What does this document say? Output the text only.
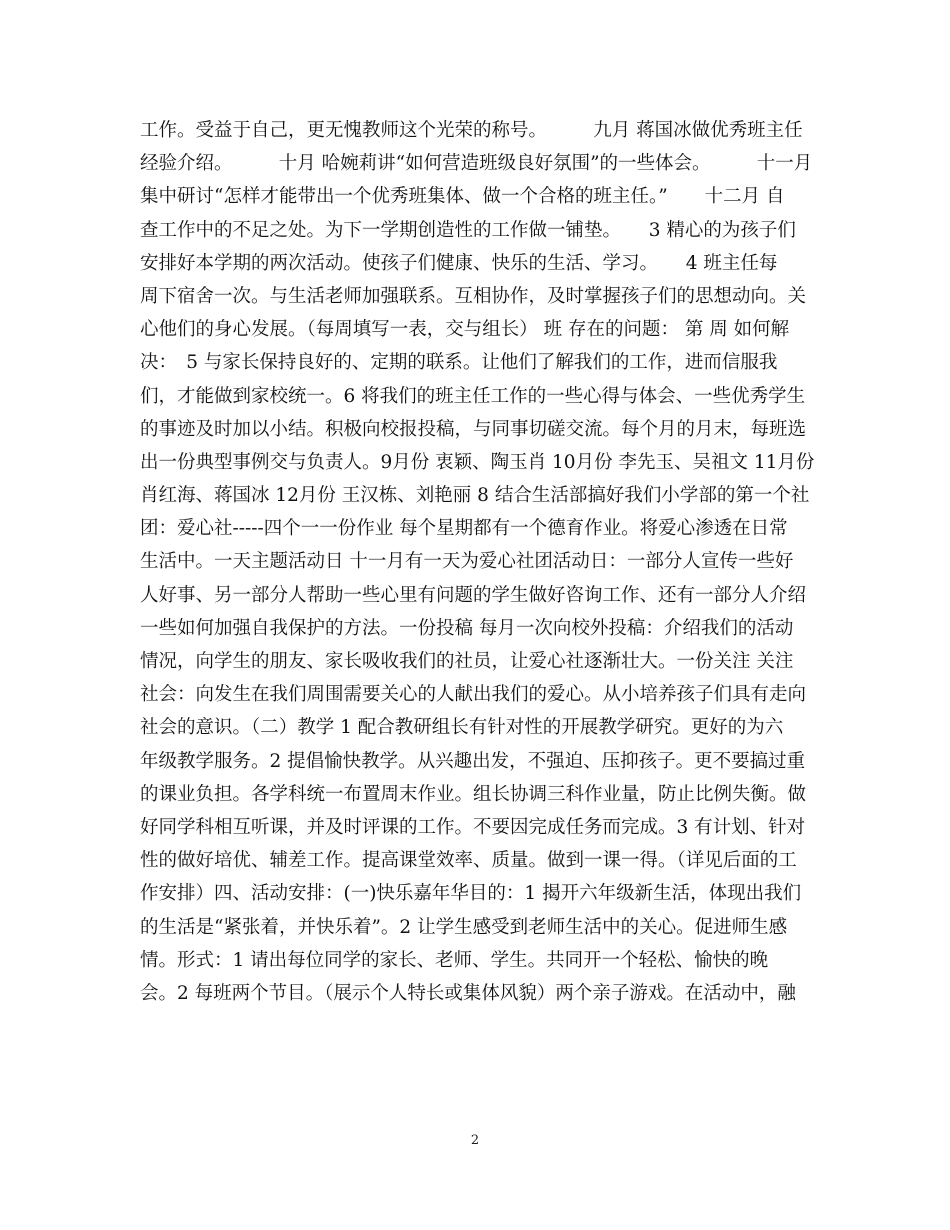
工作。受益于自己，更无愧教师这个光荣的称号。　　　九月 蒋国冰做优秀班主任
经验介绍。　　　十月 哈婉莉讲“如何营造班级良好氛围”的一些体会。　　　十一月
集中研讨“怎样才能带出一个优秀班集体、做一个合格的班主任。”　　十二月 自
查工作中的不足之处。为下一学期创造性的工作做一铺垫。　　3 精心的为孩子们
安排好本学期的两次活动。使孩子们健康、快乐的生活、学习。　　4 班主任每
周下宿舍一次。与生活老师加强联系。互相协作，及时掌握孩子们的思想动向。关
心他们的身心发展。（每周填写一表，交与组长） 班 存在的问题： 第 周 如何解
决：　5 与家长保持良好的、定期的联系。让他们了解我们的工作，进而信服我
们，才能做到家校统一。6 将我们的班主任工作的一些心得与体会、一些优秀学生
的事迹及时加以小结。积极向校报投稿，与同事切磋交流。每个月的月末，每班选
出一份典型事例交与负责人。9月份 衷颖、陶玉肖 10月份 李先玉、吴祖文 11月份
肖红海、蒋国冰 12月份 王汉栋、刘艳丽 8 结合生活部搞好我们小学部的第一个社
团：爱心社-----四个一一份作业 每个星期都有一个德育作业。将爱心渗透在日常
生活中。一天主题活动日 十一月有一天为爱心社团活动日：一部分人宣传一些好
人好事、另一部分人帮助一些心里有问题的学生做好咨询工作、还有一部分人介绍
一些如何加强自我保护的方法。一份投稿 每月一次向校外投稿：介绍我们的活动
情况，向学生的朋友、家长吸收我们的社员，让爱心社逐渐壮大。一份关注 关注
社会：向发生在我们周围需要关心的人献出我们的爱心。从小培养孩子们具有走向
社会的意识。（二）教学 1 配合教研组长有针对性的开展教学研究。更好的为六
年级教学服务。2 提倡愉快教学。从兴趣出发，不强迫、压抑孩子。更不要搞过重
的课业负担。各学科统一布置周末作业。组长协调三科作业量，防止比例失衡。做
好同学科相互听课，并及时评课的工作。不要因完成任务而完成。3 有计划、针对
性的做好培优、辅差工作。提高课堂效率、质量。做到一课一得。（详见后面的工
作安排）四、活动安排：(一)快乐嘉年华目的：1 揭开六年级新生活，体现出我们
的生活是“紧张着，并快乐着”。2 让学生感受到老师生活中的关心。促进师生感
情。形式：1 请出每位同学的家长、老师、学生。共同开一个轻松、愉快的晚
会。2 每班两个节目。（展示个人特长或集体风貌）两个亲子游戏。在活动中，融
2
